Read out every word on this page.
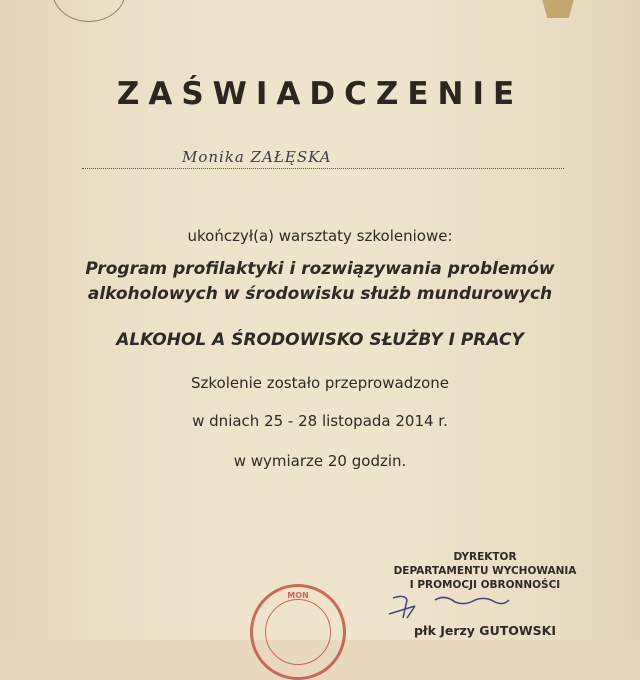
ZAŚWIADCZENIE
Monika ZAŁĘSKA
ukończył(a) warsztaty szkoleniowe:
Program profilaktyki i rozwiązywania problemów
alkoholowych w środowisku służb mundurowych
ALKOHOL A ŚRODOWISKO SŁUŻBY I PRACY
Szkolenie zostało przeprowadzone
w dniach 25 - 28 listopada 2014 r.
w wymiarze 20 godzin.
DYREKTOR
DEPARTAMENTU WYCHOWANIA
I PROMOCJI OBRONNOŚCI
płk Jerzy GUTOWSKI
MON
